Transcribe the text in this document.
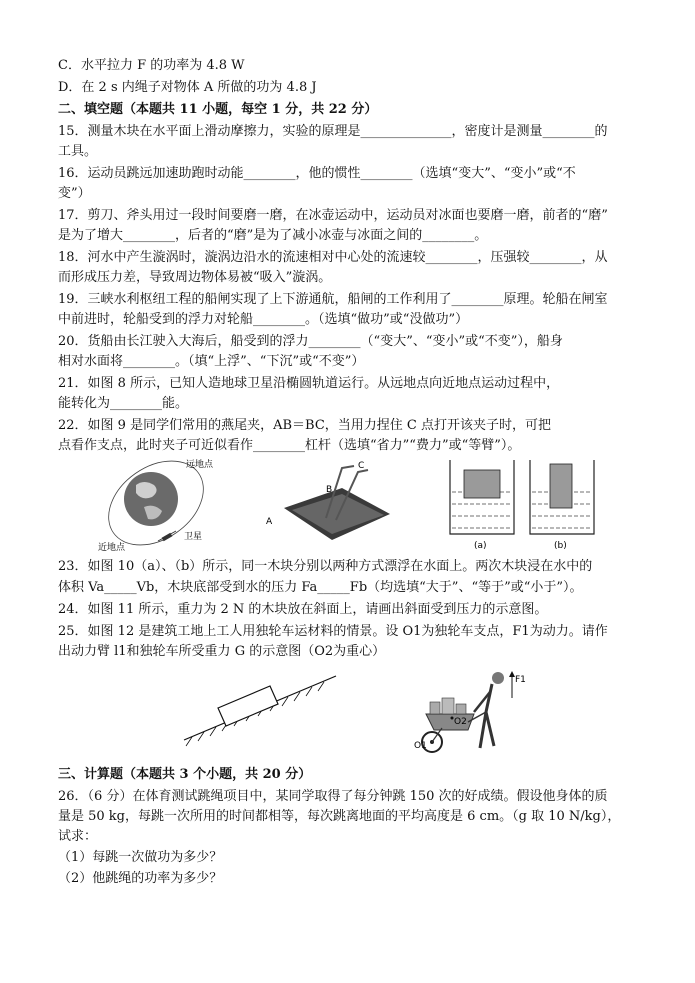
C．水平拉力 F 的功率为 4.8 W
D．在 2 s 内绳子对物体 A 所做的功为 4.8 J
二、填空题（本题共 11 小题，每空 1 分，共 22 分）
15．测量木块在水平面上滑动摩擦力，实验的原理是______________，密度计是测量________的
工具。
16．运动员跳远加速助跑时动能________，他的惯性________（选填“变大”、“变小”或“不
变”）
17．剪刀、斧头用过一段时间要磨一磨，在冰壶运动中，运动员对冰面也要磨一磨，前者的“磨”
是为了增大________，后者的“磨”是为了减小冰壶与冰面之间的________。
18．河水中产生漩涡时，漩涡边沿水的流速相对中心处的流速较________，压强较________，从
而形成压力差，导致周边物体易被“吸入”漩涡。
19．三峡水利枢纽工程的船闸实现了上下游通航，船闸的工作利用了________原理。轮船在闸室
中前进时，轮船受到的浮力对轮船________。（选填“做功”或“没做功”）
20．货船由长江驶入大海后，船受到的浮力________（“变大”、“变小”或“不变”），船身
相对水面将________。（填“上浮”、“下沉”或“不变”）
21．如图 8 所示，已知人造地球卫星沿椭圆轨道运行。从远地点向近地点运动过程中，
能转化为________能。
22．如图 9 是同学们常用的燕尾夹，AB＝BC，当用力捏住 C 点打开该夹子时，可把
点看作支点，此时夹子可近似看作________杠杆（选填“省力”“费力”或“等臂”）。
远地点
卫星
近地点
A
B
C
(a)	(b)
23．如图 10（a）、（b）所示，同一木块分别以两种方式漂浮在水面上。两次木块浸在水中的
体积 Va_____Vb，木块底部受到水的压力 Fa_____Fb（均选填“大于”、“等于”或“小于”）。
24．如图 11 所示，重力为 2 N 的木块放在斜面上，请画出斜面受到压力的示意图。
25．如图 12 是建筑工地上工人用独轮车运材料的情景。设 O1为独轮车支点，F1为动力。请作
出动力臂 l1和独轮车所受重力 G 的示意图（O2为重心）
F1
O2
O1
三、计算题（本题共 3 个小题，共 20 分）
26．（6 分）在体育测试跳绳项目中，某同学取得了每分钟跳 150 次的好成绩。假设他身体的质
量是 50 kg，每跳一次所用的时间都相等，每次跳离地面的平均高度是 6 cm。（g 取 10 N/kg），
试求：
（1）每跳一次做功为多少？
（2）他跳绳的功率为多少？
